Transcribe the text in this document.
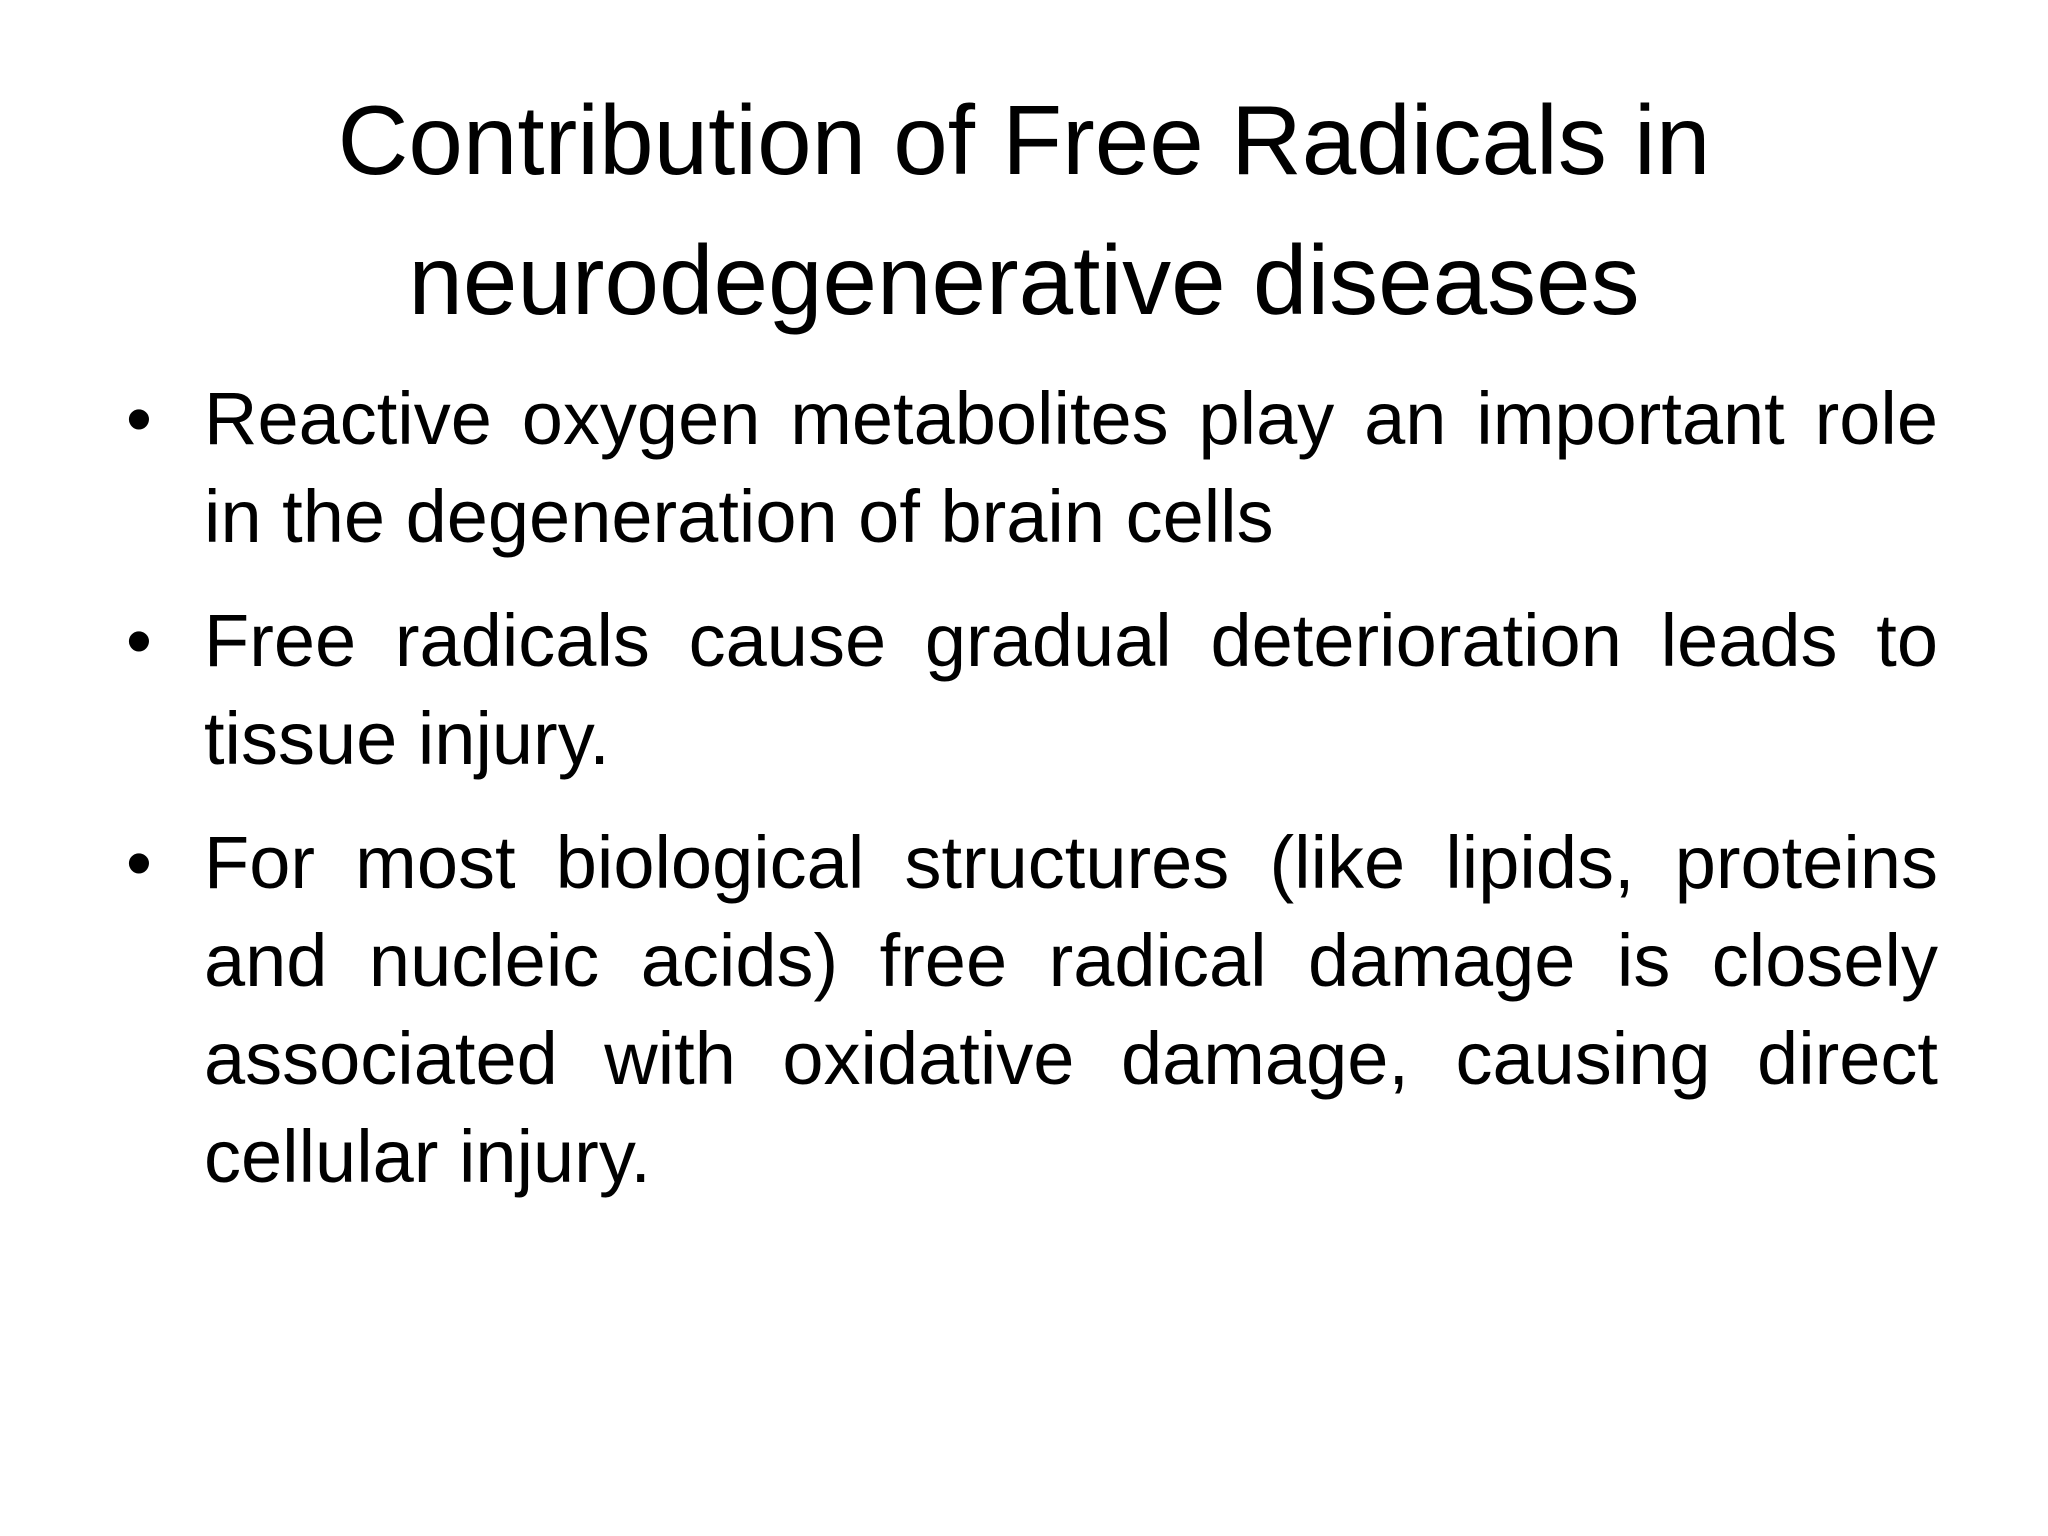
Contribution of Free Radicals in
neurodegenerative diseases
• Reactive oxygen metabolites play an important role in the degeneration of brain cells
• Free radicals cause gradual deterioration leads to tissue injury.
• For most biological structures (like lipids, proteins and nucleic acids) free radical damage is closely associated with oxidative damage, causing direct cellular injury.
